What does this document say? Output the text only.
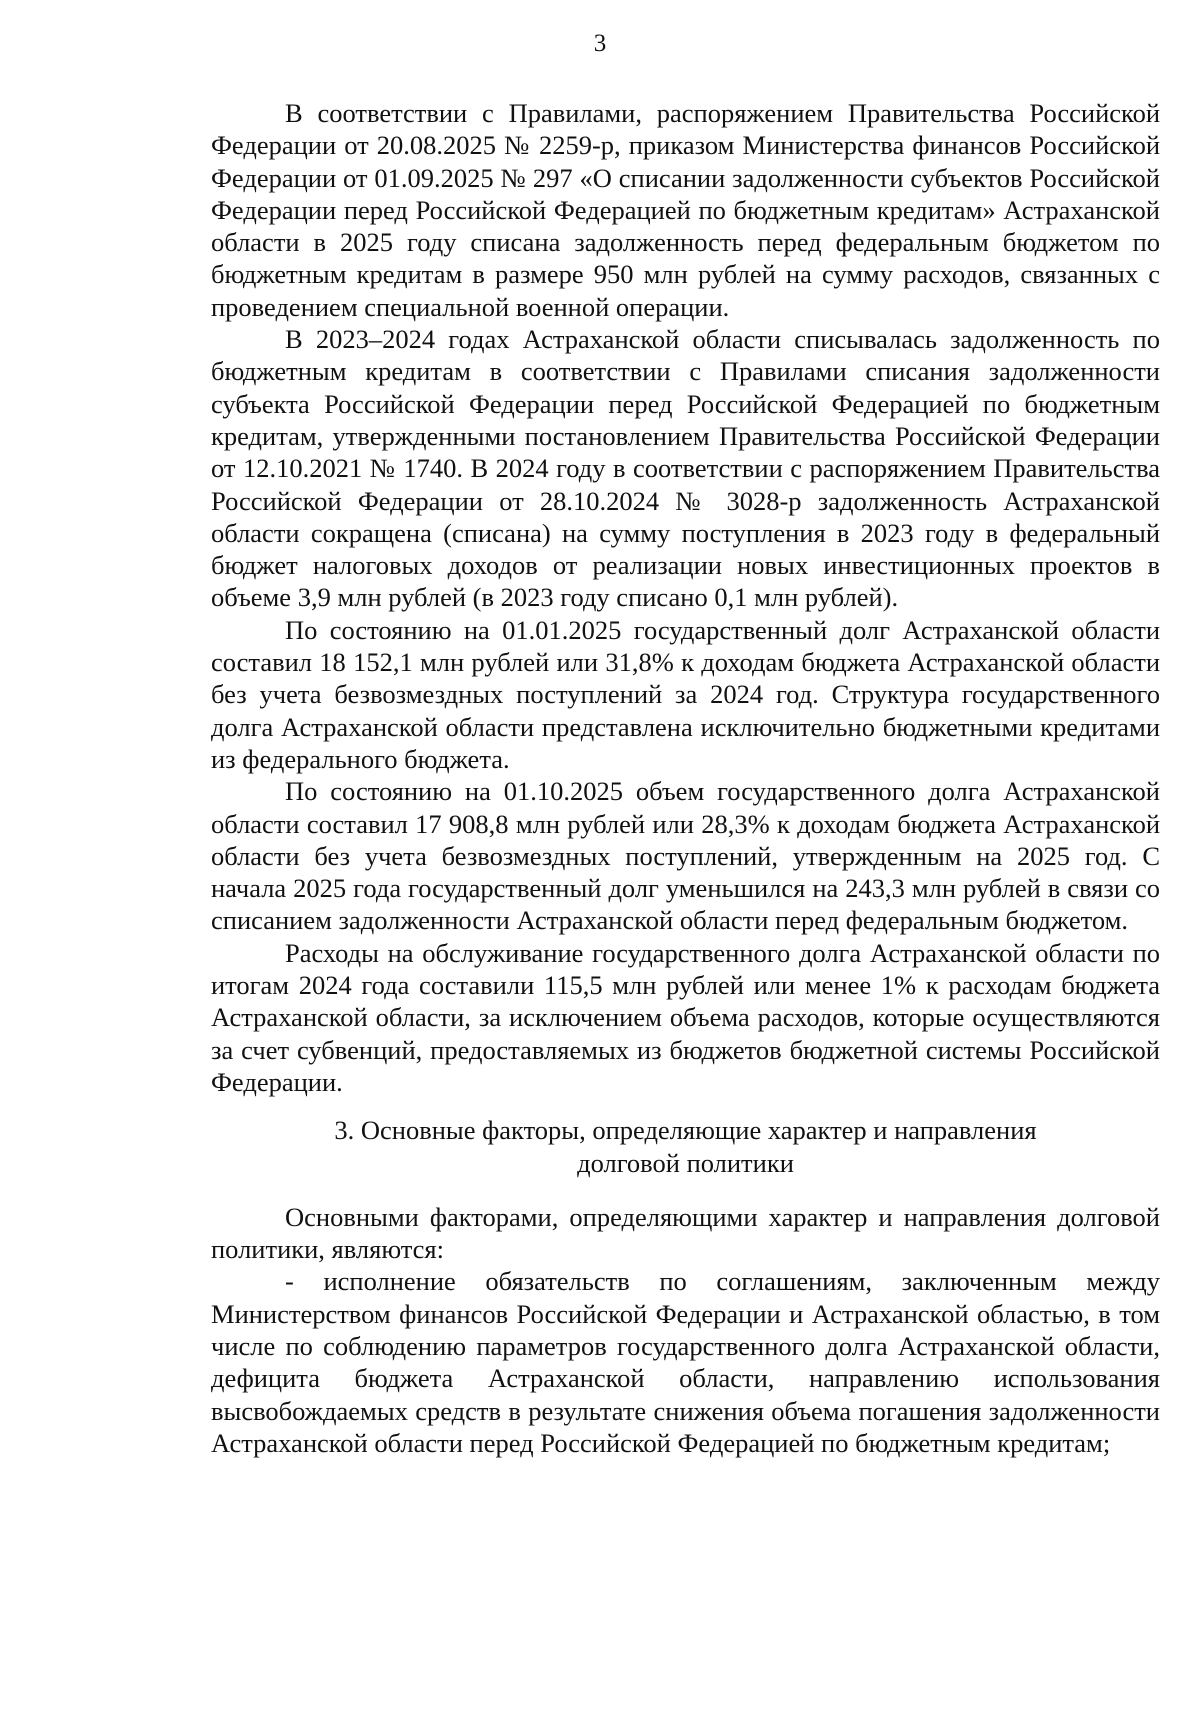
3

В соответствии с Правилами, распоряжением Правительства Российской Федерации от 20.08.2025 № 2259-р, приказом Министерства финансов Российской Федерации от 01.09.2025 № 297 «О списании задолженности субъектов Российской Федерации перед Российской Федерацией по бюджетным кредитам» Астраханской области в 2025 году списана задолженность перед федеральным бюджетом по бюджетным кредитам в размере 950 млн рублей на сумму расходов, связанных с проведением специальной военной операции.

В 2023–2024 годах Астраханской области списывалась задолженность по бюджетным кредитам в соответствии с Правилами списания задолженности субъекта Российской Федерации перед Российской Федерацией по бюджетным кредитам, утвержденными постановлением Правительства Российской Федерации от 12.10.2021 № 1740. В 2024 году в соответствии с распоряжением Правительства Российской Федерации от 28.10.2024 № 3028-р задолженность Астраханской области сокращена (списана) на сумму поступления в 2023 году в федеральный бюджет налоговых доходов от реализации новых инвестиционных проектов в объеме 3,9 млн рублей (в 2023 году списано 0,1 млн рублей).

По состоянию на 01.01.2025 государственный долг Астраханской области составил 18 152,1 млн рублей или 31,8% к доходам бюджета Астраханской области без учета безвозмездных поступлений за 2024 год. Структура государственного долга Астраханской области представлена исключительно бюджетными кредитами из федерального бюджета.

По состоянию на 01.10.2025 объем государственного долга Астраханской области составил 17 908,8 млн рублей или 28,3% к доходам бюджета Астраханской области без учета безвозмездных поступлений, утвержденным на 2025 год. С начала 2025 года государственный долг уменьшился на 243,3 млн рублей в связи со списанием задолженности Астраханской области перед федеральным бюджетом.

Расходы на обслуживание государственного долга Астраханской области по итогам 2024 года составили 115,5 млн рублей или менее 1% к расходам бюджета Астраханской области, за исключением объема расходов, которые осуществляются за счет субвенций, предоставляемых из бюджетов бюджетной системы Российской Федерации.

3. Основные факторы, определяющие характер и направления
долговой политики

Основными факторами, определяющими характер и направления долговой политики, являются:

- исполнение обязательств по соглашениям, заключенным между Министерством финансов Российской Федерации и Астраханской областью, в том числе по соблюдению параметров государственного долга Астраханской области, дефицита бюджета Астраханской области, направлению использования высвобождаемых средств в результате снижения объема погашения задолженности Астраханской области перед Российской Федерацией по бюджетным кредитам;
